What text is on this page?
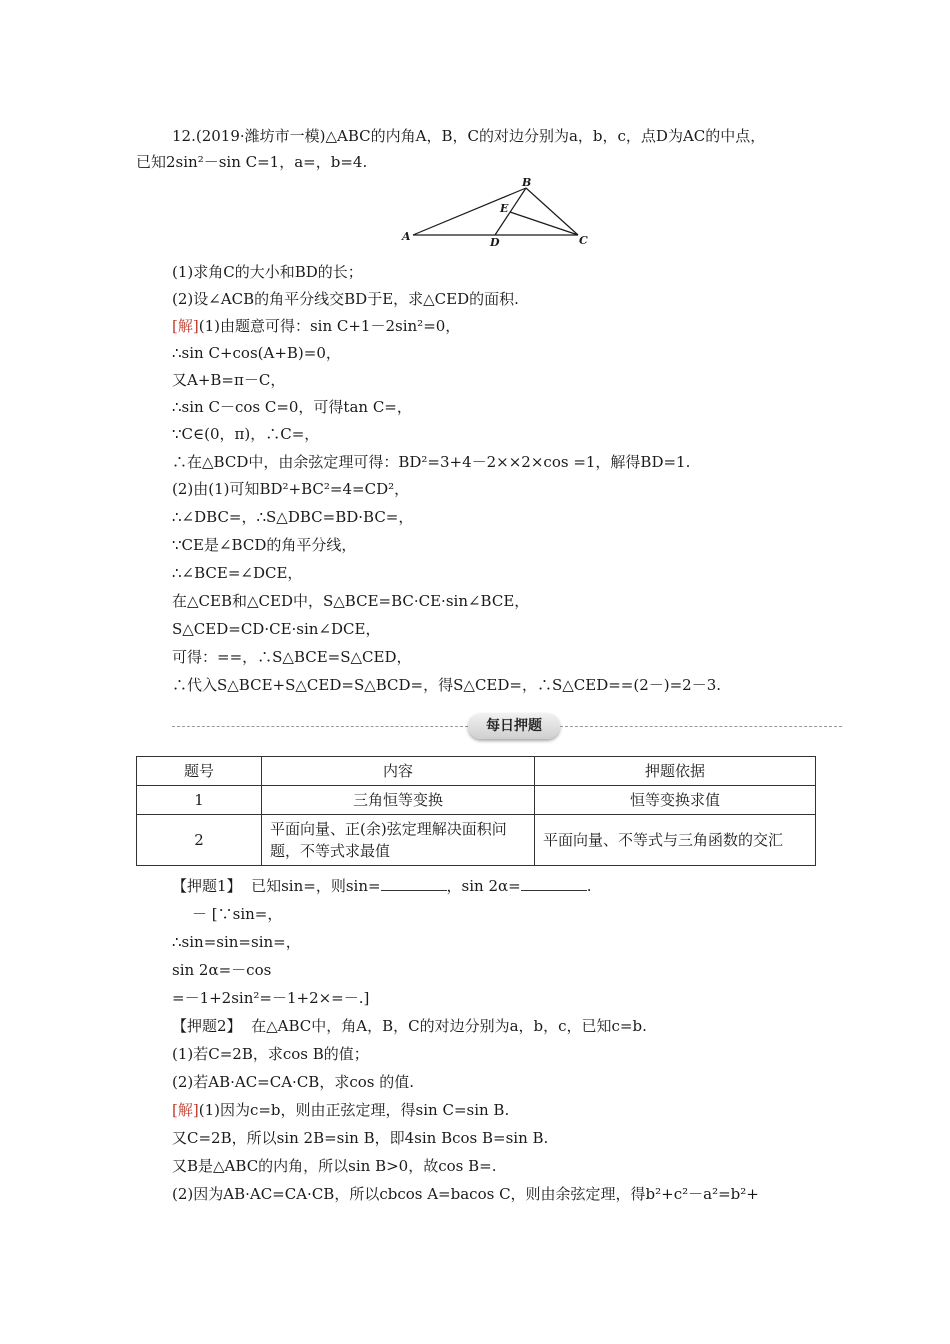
12.(2019·潍坊市一模)△ABC的内角A，B，C的对边分别为a，b，c，点D为AC的中点，
已知2sin²－sin C=1，a=，b=4.
A
B
C
D
E
(1)求角C的大小和BD的长；
(2)设∠ACB的角平分线交BD于E，求△CED的面积.
[解](1)由题意可得：sin C+1－2sin²=0，
∴sin C+cos(A+B)=0，
又A+B=π－C，
∴sin C－cos C=0，可得tan C=，
∵C∈(0，π)，∴C=，
∴在△BCD中，由余弦定理可得：BD²=3+4－2××2×cos =1，解得BD=1.
(2)由(1)可知BD²+BC²=4=CD²，
∴∠DBC=，∴S△DBC=BD·BC=，
∵CE是∠BCD的角平分线，
∴∠BCE=∠DCE，
在△CEB和△CED中，S△BCE=BC·CE·sin∠BCE，
S△CED=CD·CE·sin∠DCE，
可得：==，∴S△BCE=S△CED，
∴代入S△BCE+S△CED=S△BCD=，得S△CED=，∴S△CED==(2－)=2－3.
每日押题
题号	内容	押题依据
1	三角恒等变换	恒等变换求值
2	平面向量、正(余)弦定理解决面积问题，不等式求最值	平面向量、不等式与三角函数的交汇
【押题1】 已知sin=，则sin=	，sin 2α=	.
－ [∵sin=，
∴sin=sin=sin=，
sin 2α=－cos
=－1+2sin²=－1+2×=－.]
【押题2】 在△ABC中，角A，B，C的对边分别为a，b，c，已知c=b.
(1)若C=2B，求cos B的值；
(2)若AB·AC=CA·CB，求cos 的值.
[解](1)因为c=b，则由正弦定理，得sin C=sin B.
又C=2B，所以sin 2B=sin B，即4sin Bcos B=sin B.
又B是△ABC的内角，所以sin B>0，故cos B=.
(2)因为AB·AC=CA·CB，所以cbcos A=bacos C，则由余弦定理，得b²+c²－a²=b²+
